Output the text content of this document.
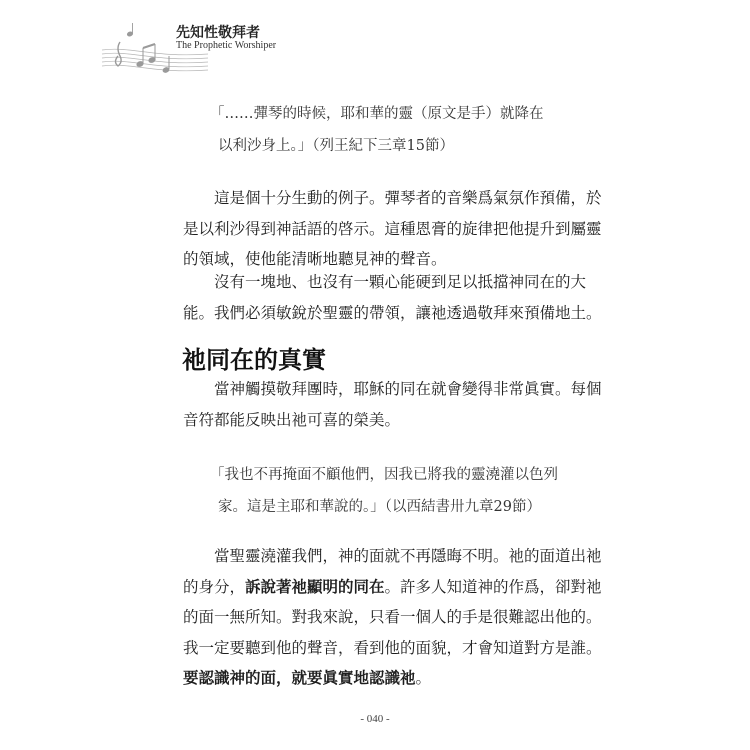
先知性敬拜者
The Prophetic Worshiper
「……彈琴的時候，耶和華的靈（原文是手）就降在
以利沙身上。」（列王紀下三章15節）
這是個十分生動的例子。彈琴者的音樂爲氣氛作預備，於
是以利沙得到神話語的啓示。這種恩膏的旋律把他提升到屬靈
的領域，使他能清晰地聽見神的聲音。
沒有一塊地、也沒有一顆心能硬到足以抵擋神同在的大
能。我們必須敏銳於聖靈的帶領，讓祂透過敬拜來預備地土。
祂同在的真實
當神觸摸敬拜團時，耶穌的同在就會變得非常眞實。每個
音符都能反映出祂可喜的榮美。
「我也不再掩面不顧他們，因我已將我的靈澆灌以色列
家。這是主耶和華說的。」（以西結書卅九章29節）
當聖靈澆灌我們，神的面就不再隱晦不明。祂的面道出祂
的身分，訴說著祂顯明的同在。許多人知道神的作爲，卻對祂
的面一無所知。對我來說，只看一個人的手是很難認出他的。
我一定要聽到他的聲音，看到他的面貌，才會知道對方是誰。
要認識神的面，就要眞實地認識祂。
- 040 -
